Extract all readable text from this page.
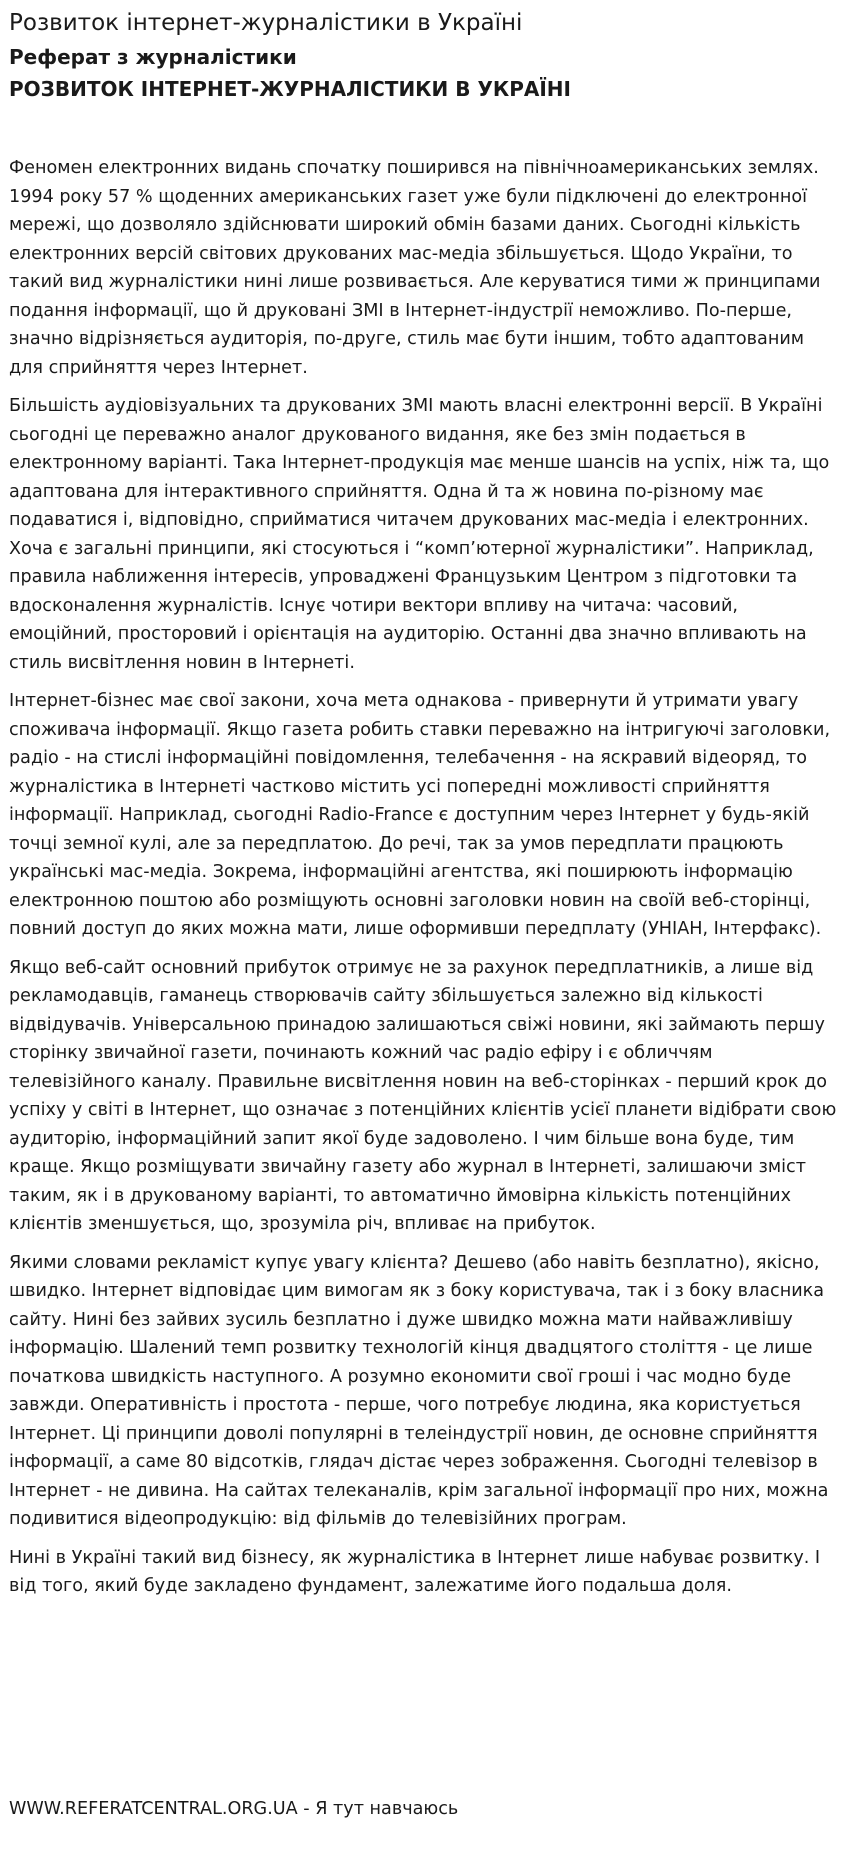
Розвиток інтернет-журналістики в Україні
Реферат з журналістики
РОЗВИТОК ІНТЕРНЕТ-ЖУРНАЛІСТИКИ В УКРАЇНІ

Феномен електронних видань спочатку поширився на північноамериканських землях. 1994 року 57 % щоденних американських газет уже були підключені до електронної мережі, що дозволяло здійснювати широкий обмін базами даних. Сьогодні кількість електронних версій світових друкованих мас-медіа збільшується. Щодо України, то такий вид журналістики нині лише розвивається. Але керуватися тими ж принципами подання інформації, що й друковані ЗМІ в Інтернет-індустрії неможливо. По-перше, значно відрізняється аудиторія, по-друге, стиль має бути іншим, тобто адаптованим для сприйняття через Інтернет.

Більшість аудіовізуальних та друкованих ЗМІ мають власні електронні версії. В Україні сьогодні це переважно аналог друкованого видання, яке без змін подається в електронному варіанті. Така Інтернет-продукція має менше шансів на успіх, ніж та, що адаптована для інтерактивного сприйняття. Одна й та ж новина по-різному має подаватися і, відповідно, сприйматися читачем друкованих мас-медіа і електронних. Хоча є загальні принципи, які стосуються і “комп’ютерної журналістики”. Наприклад, правила наближення інтересів, упроваджені Французьким Центром з підготовки та вдосконалення журналістів. Існує чотири вектори впливу на читача: часовий, емоційний, просторовий і орієнтація на аудиторію. Останні два значно впливають на стиль висвітлення новин в Інтернеті.

Інтернет-бізнес має свої закони, хоча мета однакова - привернути й утримати увагу споживача інформації. Якщо газета робить ставки переважно на інтригуючі заголовки, радіо - на стислі інформаційні повідомлення, телебачення - на яскравий відеоряд, то журналістика в Інтернеті частково містить усі попередні можливості сприйняття інформації. Наприклад, сьогодні Radio-France є доступним через Інтернет у будь-якій точці земної кулі, але за передплатою. До речі, так за умов передплати працюють українські мас-медіа. Зокрема, інформаційні агентства, які поширюють інформацію електронною поштою або розміщують основні заголовки новин на своїй веб-сторінці, повний доступ до яких можна мати, лише оформивши передплату (УНІАН, Інтерфакс).

Якщо веб-сайт основний прибуток отримує не за рахунок передплатників, а лише від рекламодавців, гаманець створювачів сайту збільшується залежно від кількості відвідувачів. Універсальною принадою залишаються свіжі новини, які займають першу сторінку звичайної газети, починають кожний час радіо ефіру і є обличчям телевізійного каналу. Правильне висвітлення новин на веб-сторінках - перший крок до успіху у світі в Інтернет, що означає з потенційних клієнтів усієї планети відібрати свою аудиторію, інформаційний запит якої буде задоволено. І чим більше вона буде, тим краще. Якщо розміщувати звичайну газету або журнал в Інтернеті, залишаючи зміст таким, як і в друкованому варіанті, то автоматично ймовірна кількість потенційних клієнтів зменшується, що, зрозуміла річ, впливає на прибуток.

Якими словами рекламіст купує увагу клієнта? Дешево (або навіть безплатно), якісно, швидко. Інтернет відповідає цим вимогам як з боку користувача, так і з боку власника сайту. Нині без зайвих зусиль безплатно і дуже швидко можна мати найважливішу інформацію. Шалений темп розвитку технологій кінця двадцятого століття - це лише початкова швидкість наступного. А розумно економити свої гроші і час модно буде завжди. Оперативність і простота - перше, чого потребує людина, яка користується Інтернет. Ці принципи доволі популярні в телеіндустрії новин, де основне сприйняття інформації, а саме 80 відсотків, глядач дістає через зображення. Сьогодні телевізор в Інтернет - не дивина. На сайтах телеканалів, крім загальної інформації про них, можна подивитися відеопродукцію: від фільмів до телевізійних програм.

Нині в Україні такий вид бізнесу, як журналістика в Інтернет лише набуває розвитку. І від того, який буде закладено фундамент, залежатиме його подальша доля.

WWW.REFERATCENTRAL.ORG.UA - Я тут навчаюсь
